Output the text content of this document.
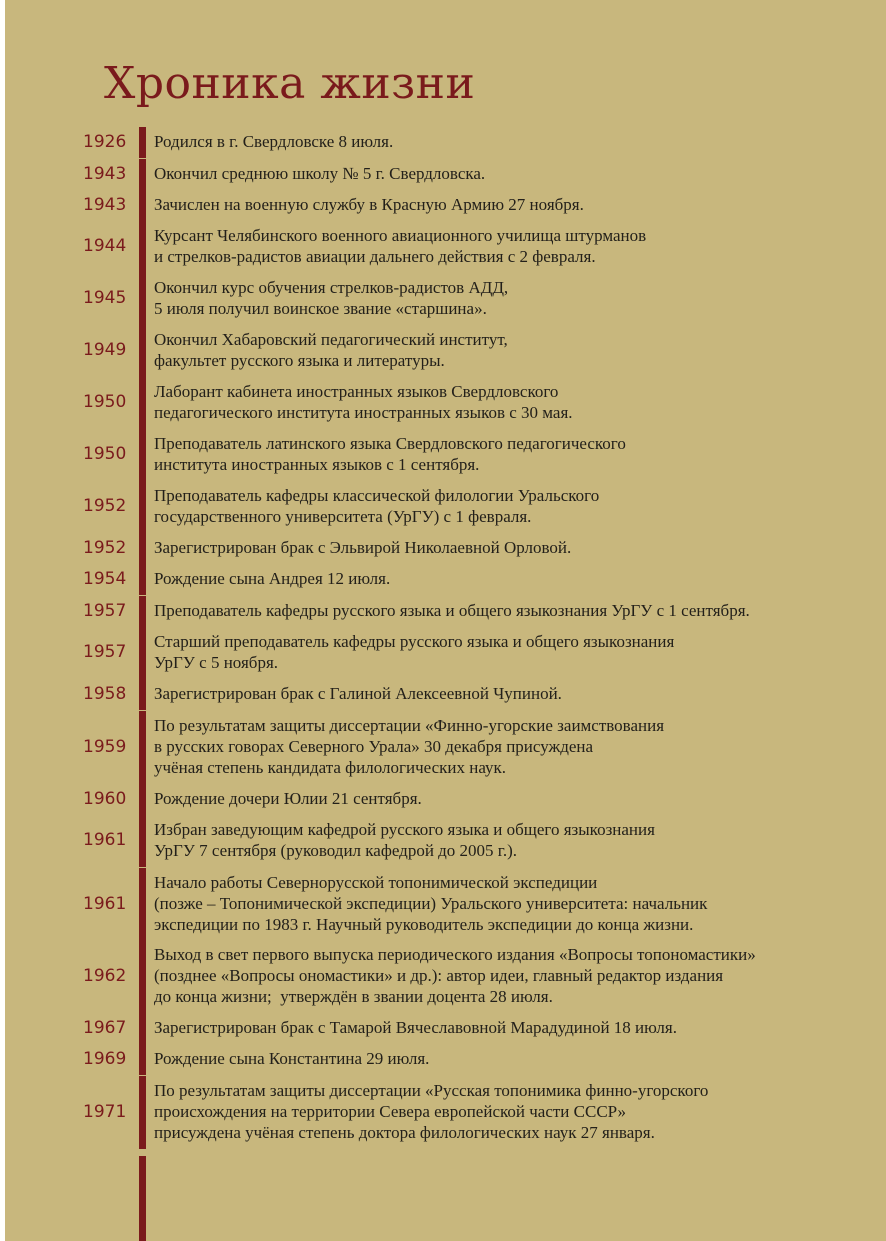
Хроника жизни
1926 Родился в г. Свердловске 8 июля.
1943 Окончил среднюю школу № 5 г. Свердловска.
1943 Зачислен на военную службу в Красную Армию 27 ноября.
1944
Курсант Челябинского военного авиационного училища штурманов
и стрелков-радистов авиации дальнего действия с 2 февраля.
1945
Окончил курс обучения стрелков-радистов АДД,
5 июля получил воинское звание «старшина».
1949
Окончил Хабаровский педагогический институт,
факультет русского языка и литературы.
1950
Лаборант кабинета иностранных языков Свердловского
педагогического института иностранных языков с 30 мая.
1950
Преподаватель латинского языка Свердловского педагогического
института иностранных языков с 1 сентября.
1952
Преподаватель кафедры классической филологии Уральского
государственного университета (УрГУ) с 1 февраля.
1952 Зарегистрирован брак с Эльвирой Николаевной Орловой.
1954 Рождение сына Андрея 12 июля.
1957 Преподаватель кафедры русского языка и общего языкознания УрГУ с 1 сентября.
1957
Старший преподаватель кафедры русского языка и общего языкознания
УрГУ с 5 ноября.
1958 Зарегистрирован брак с Галиной Алексеевной Чупиной.
1959
По результатам защиты диссертации «Финно-угорские заимствования
в русских говорах Северного Урала» 30 декабря присуждена
учёная степень кандидата филологических наук.
1960 Рождение дочери Юлии 21 сентября.
1961
Избран заведующим кафедрой русского языка и общего языкознания
УрГУ 7 сентября (руководил кафедрой до 2005 г.).
1961
Начало работы Севернорусской топонимической экспедиции
(позже – Топонимической экспедиции) Уральского университета: начальник
экспедиции по 1983 г. Научный руководитель экспедиции до конца жизни.
1962
Выход в свет первого выпуска периодического издания «Вопросы топономастики»
(позднее «Вопросы ономастики» и др.): автор идеи, главный редактор издания
до конца жизни;  утверждён в звании доцента 28 июля.
1967 Зарегистрирован брак с Тамарой Вячеславовной Марадудиной 18 июля.
1969 Рождение сына Константина 29 июля.
1971
По результатам защиты диссертации «Русская топонимика финно-угорского
происхождения на территории Севера европейской части СССР»
присуждена учёная степень доктора филологических наук 27 января.
